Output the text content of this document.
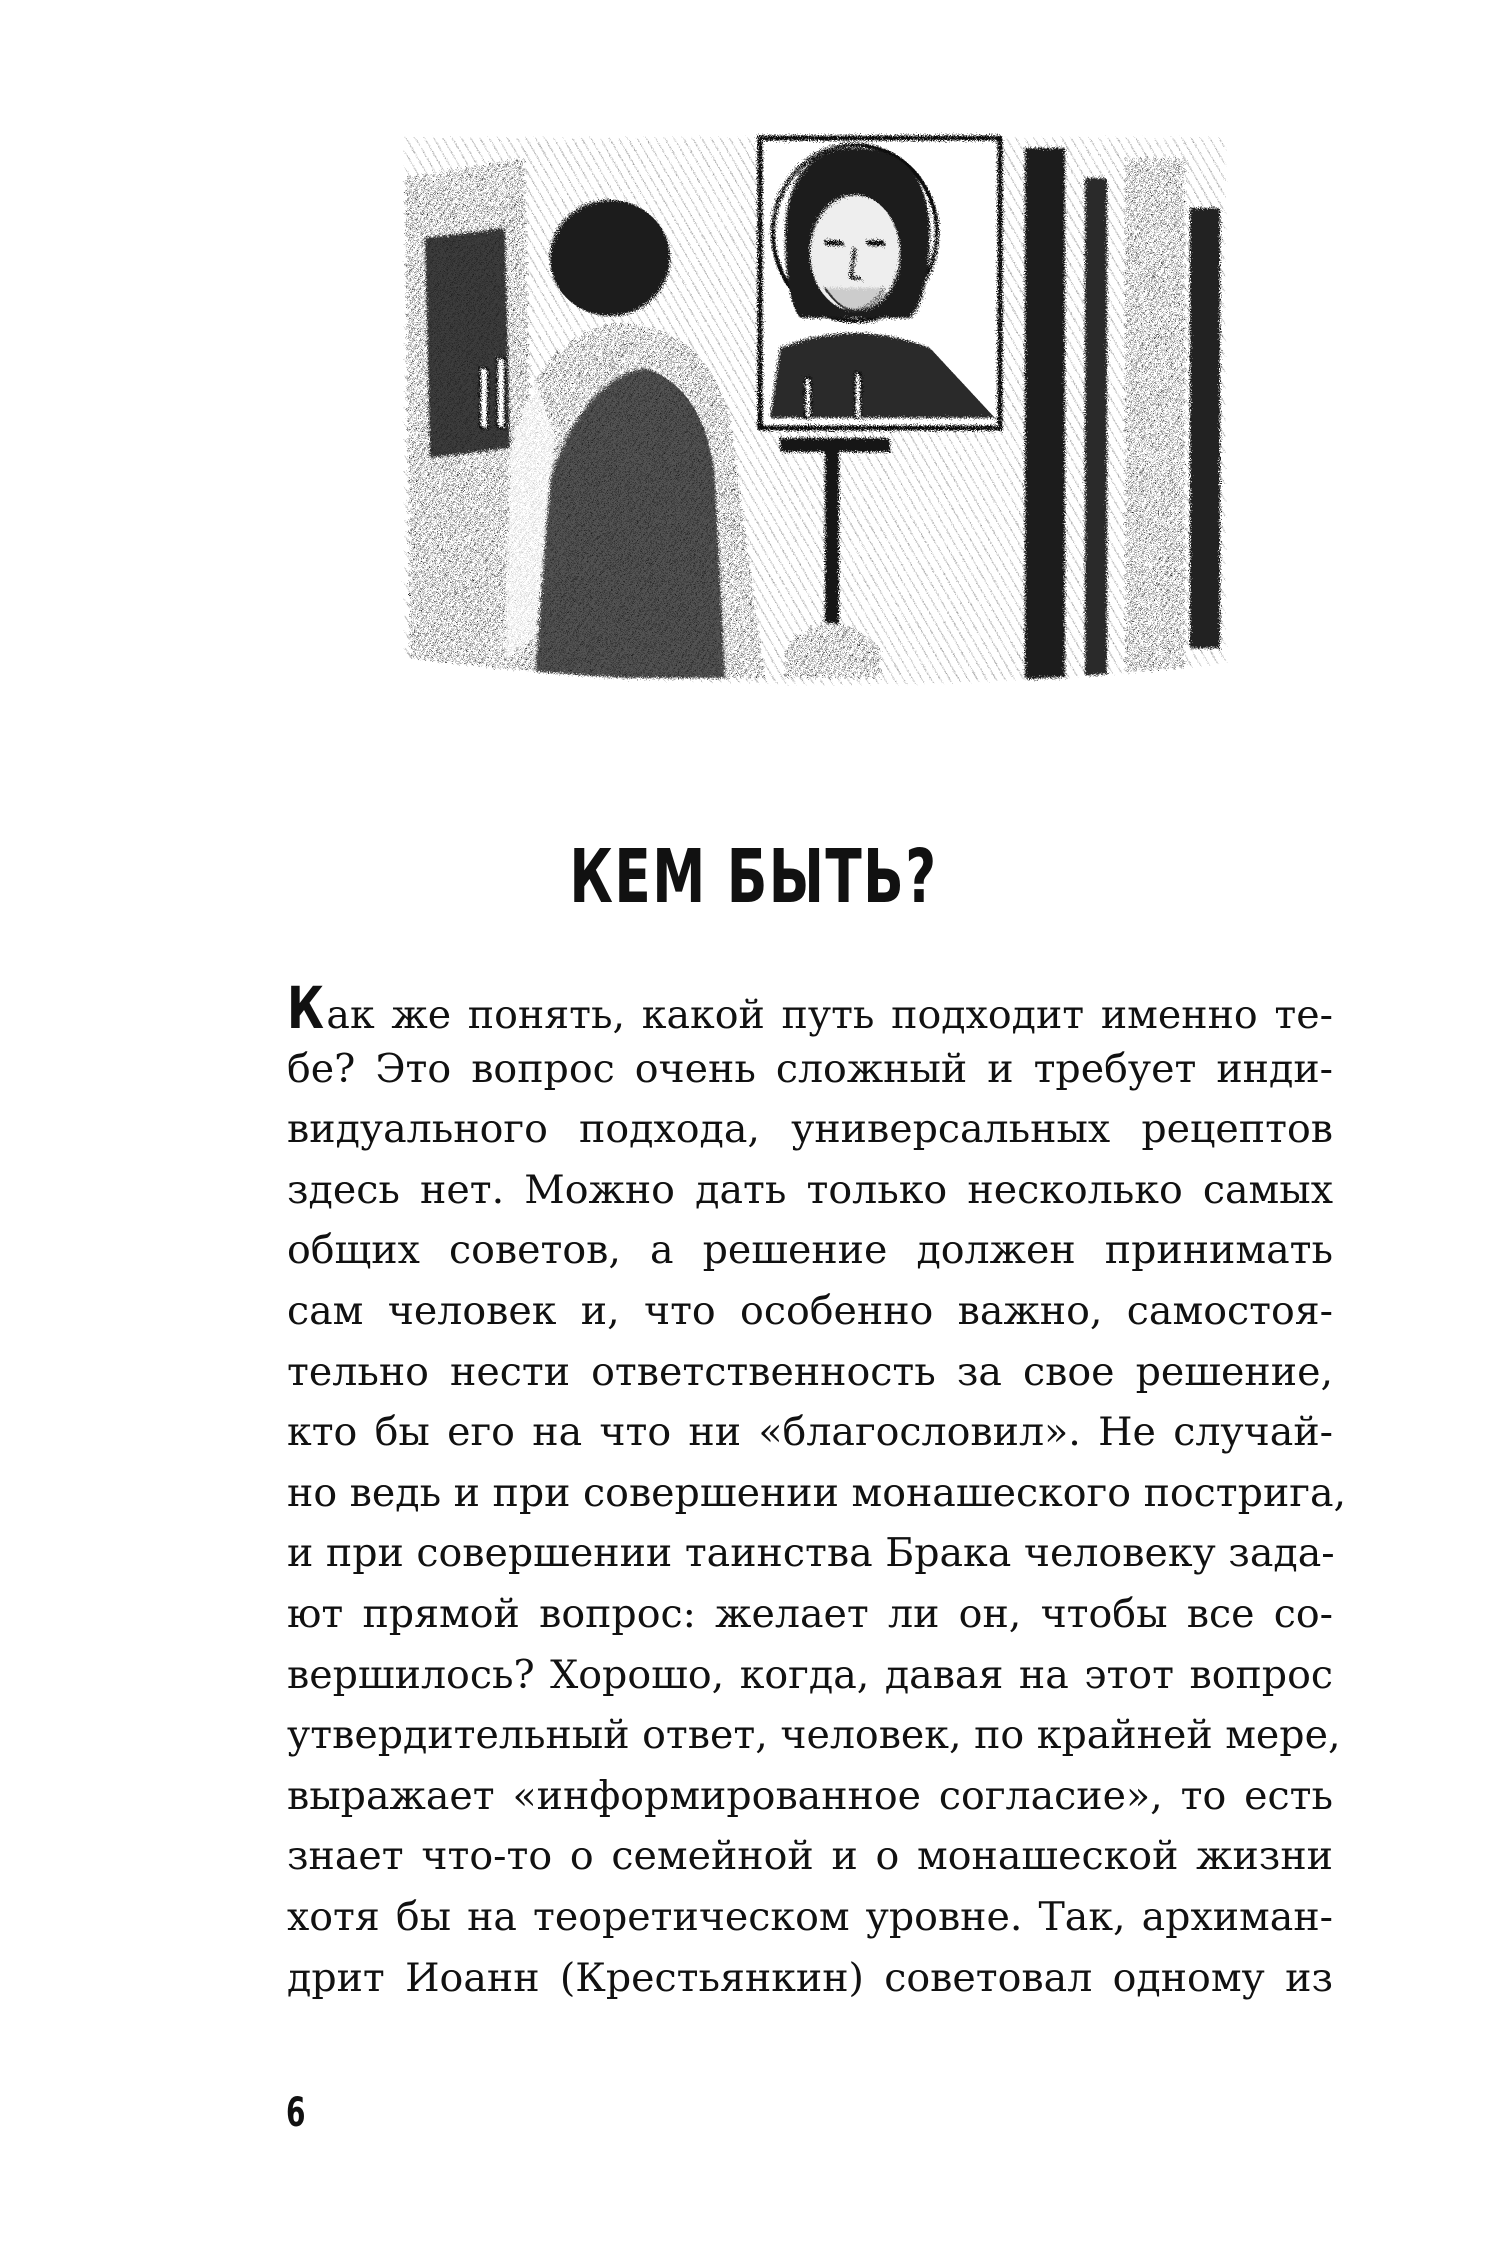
КЕМ БЫТЬ?
Как же понять, какой путь подходит именно те-
бе? Это вопрос очень сложный и требует инди-
видуального подхода, универсальных рецептов
здесь нет. Можно дать только несколько самых
общих советов, а решение должен принимать
сам человек и, что особенно важно, самостоя-
тельно нести ответственность за свое решение,
кто бы его на что ни «благословил». Не случай-
но ведь и при совершении монашеского пострига,
и при совершении таинства Брака человеку зада-
ют прямой вопрос: желает ли он, чтобы все со-
вершилось? Хорошо, когда, давая на этот вопрос
утвердительный ответ, человек, по крайней мере,
выражает «информированное согласие», то есть
знает что-то о семейной и о монашеской жизни
хотя бы на теоретическом уровне. Так, архиман-
дрит Иоанн (Крестьянкин) советовал одному из
6
